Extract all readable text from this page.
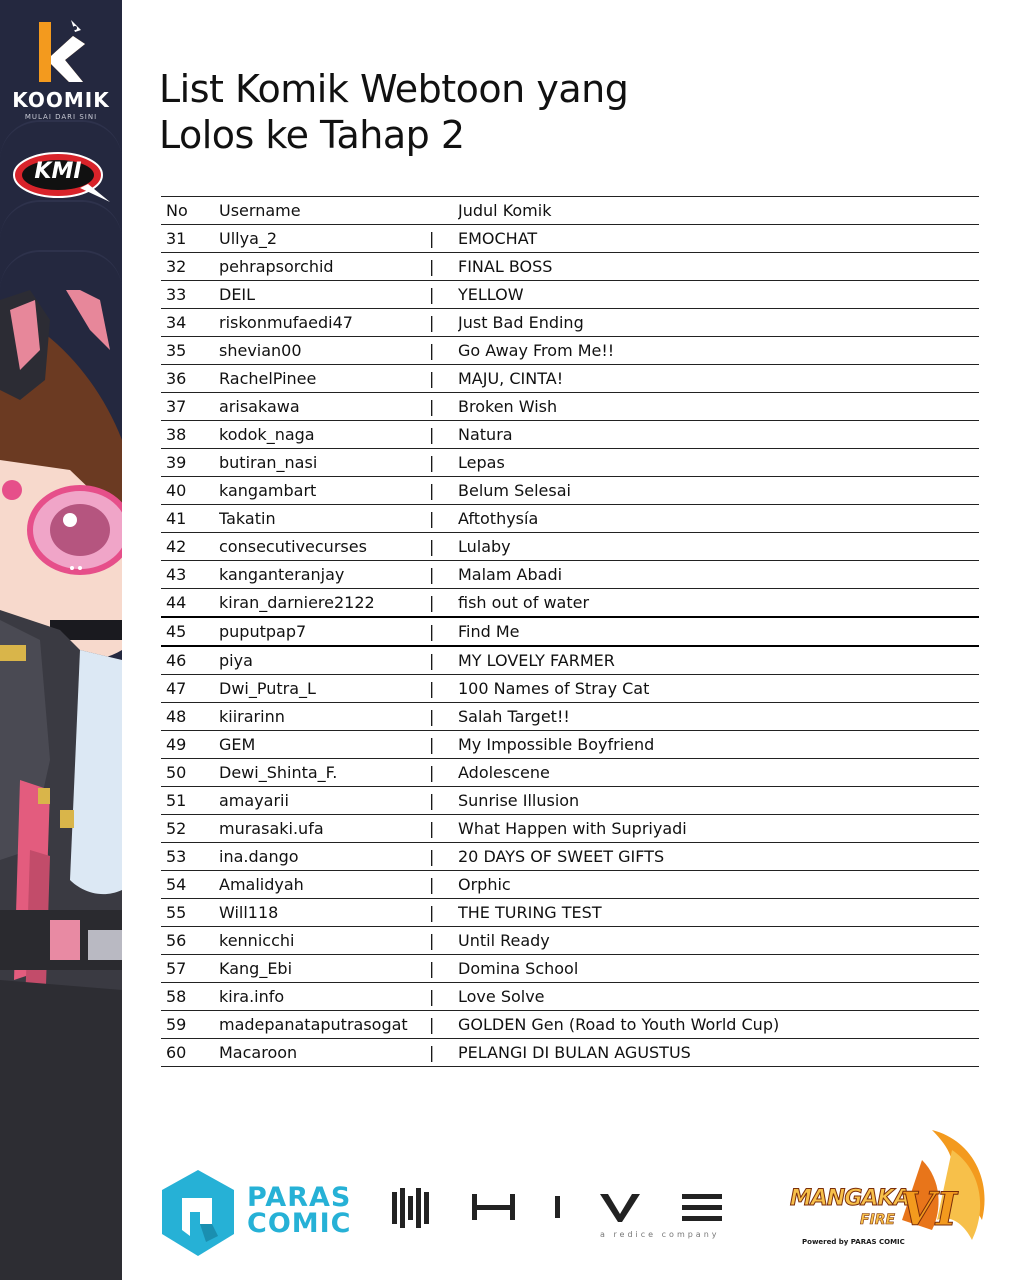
KOOMIK
MULAI DARI SINI
KMI
List Komik Webtoon yang
Lolos ke Tahap 2
No	Username		Judul Komik
31	Ullya_2	|	EMOCHAT
32	pehrapsorchid	|	FINAL BOSS
33	DEIL	|	YELLOW
34	riskonmufaedi47	|	Just Bad Ending
35	shevian00	|	Go Away From Me!!
36	RachelPinee	|	MAJU, CINTA!
37	arisakawa	|	Broken Wish
38	kodok_naga	|	Natura
39	butiran_nasi	|	Lepas
40	kangambart	|	Belum Selesai
41	Takatin	|	Aftothysía
42	consecutivecurses	|	Lulaby
43	kanganteranjay	|	Malam Abadi
44	kiran_darniere2122	|	fish out of water
45	puputpap7	|	Find Me
46	piya	|	MY LOVELY FARMER
47	Dwi_Putra_L	|	100 Names of Stray Cat
48	kiirarinn	|	Salah Target!!
49	GEM	|	My Impossible Boyfriend
50	Dewi_Shinta_F.	|	Adolescene
51	amayarii	|	Sunrise Illusion
52	murasaki.ufa	|	What Happen with Supriyadi
53	ina.dango	|	20 DAYS OF SWEET GIFTS
54	Amalidyah	|	Orphic
55	Will118	|	THE TURING TEST
56	kennicchi	|	Until Ready
57	Kang_Ebi	|	Domina School
58	kira.info	|	Love Solve
59	madepanataputrasogat	|	GOLDEN Gen (Road to Youth World Cup)
60	Macaroon	|	PELANGI DI BULAN AGUSTUS
PARAS
COMIC	a redice company
MANGAKA
FIRE VI
Powered by PARAS COMIC
